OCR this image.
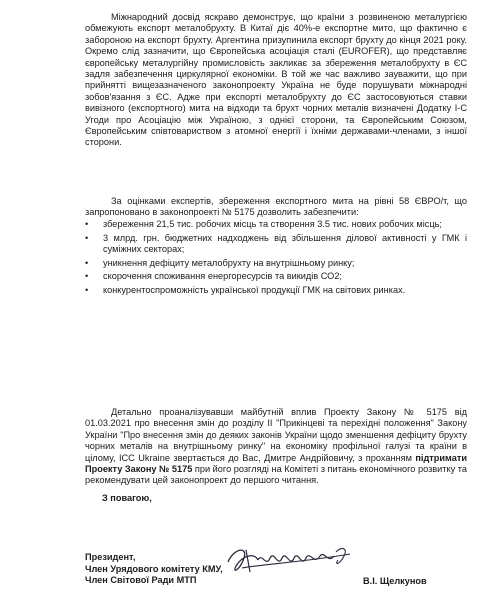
Міжнародний досвід яскраво демонструє, що країни з розвиненою металургією обмежують експорт металобрухту. В Китаї діє 40%-е експортне мито, що фактично є забороною на експорт брухту. Аргентина призупинила експорт брухту до кінця 2021 року. Окремо слід зазначити, що Європейська асоціація сталі (EUROFER), що представляє європейську металургійну промисловість закликає за збереження металобрухту в ЄС задля забезпечення циркулярної економіки. В той же час важливо зауважити, що при прийнятті вищезазначеного законопроекту Україна не буде порушувати міжнародні зобов'язання з ЄС. Адже при експорті металобрухту до ЄС застосовуються ставки вивізного (експортного) мита на відходи та брухт чорних металів визначені Додатку І-С Угоди про Асоціацію між Україною, з однієї сторони, та Європейським Союзом, Європейським співтовариством з атомної енергії і їхніми державами-членами, з іншої сторони.

За оцінками експертів, збереження експортного мита на рівні 58 ЄВРО/т, що запропоновано в законопроекті № 5175 дозволить забезпечити:

• збереження 21,5 тис. робочих місць та створення 3.5 тис. нових робочих місць;
• 3 млрд. грн. бюджетних надходжень від збільшення ділової активності у ГМК і суміжних секторах;
• уникнення дефіциту металобрухту на внутрішньому ринку;
• скорочення споживання енергоресурсів та викидів СО2;
• конкурентоспроможність української продукції ГМК на світових ринках.

Детально проаналізувавши майбутній вплив Проекту Закону № 5175 від 01.03.2021 про внесення змін до розділу ІІ "Прикінцеві та перехідні положення" Закону України "Про внесення змін до деяких законів України щодо зменшення дефіциту брухту чорних металів на внутрішньому ринку" на економіку профільної галузі та країни в цілому, ICC Ukraine звертається до Вас, Дмитре Андрійовичу, з проханням підтримати Проекту Закону № 5175 при його розгляді на Комітеті з питань економічного розвитку та рекомендувати цей законопроект до першого читання.

З повагою,
Президент,
Член Урядового комітету КМУ,
Член Світової Ради МТП	В.І. Щелкунов
